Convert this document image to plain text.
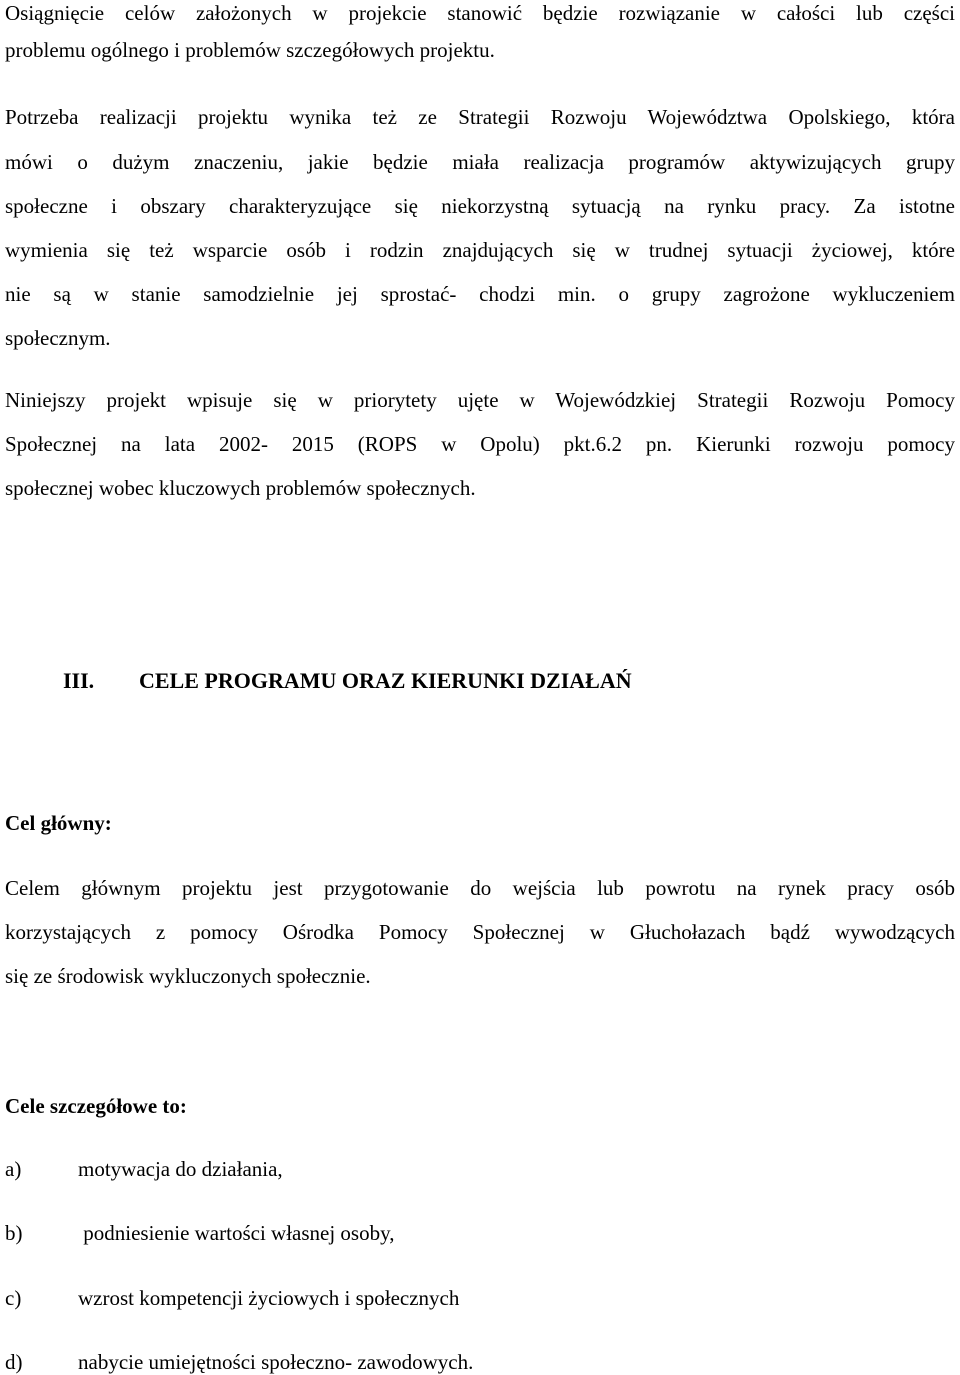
Osiągnięcie celów założonych w projekcie stanowić będzie rozwiązanie w całości lub części
problemu ogólnego i problemów szczegółowych projektu.
Potrzeba realizacji projektu wynika też ze Strategii Rozwoju Województwa Opolskiego, która
mówi o dużym znaczeniu, jakie będzie miała realizacja programów aktywizujących grupy
społeczne i obszary charakteryzujące się niekorzystną sytuacją na rynku pracy. Za istotne
wymienia się też wsparcie osób i rodzin znajdujących się w trudnej sytuacji życiowej, które
nie są w stanie samodzielnie jej sprostać- chodzi min. o grupy zagrożone wykluczeniem
społecznym.
Niniejszy projekt wpisuje się w priorytety ujęte w Wojewódzkiej Strategii Rozwoju Pomocy
Społecznej na lata 2002- 2015 (ROPS w Opolu) pkt.6.2 pn. Kierunki rozwoju pomocy
społecznej wobec kluczowych problemów społecznych.
III. CELE PROGRAMU ORAZ KIERUNKI DZIAŁAŃ
Cel główny:
Celem głównym projektu jest przygotowanie do wejścia lub powrotu na rynek pracy osób
korzystających z pomocy Ośrodka Pomocy Społecznej w Głuchołazach bądź wywodzących
się ze środowisk wykluczonych społecznie.
Cele szczegółowe to:
a)	motywacja do działania,
b)	podniesienie wartości własnej osoby,
c)	wzrost kompetencji życiowych i społecznych
d)	nabycie umiejętności społeczno- zawodowych.
